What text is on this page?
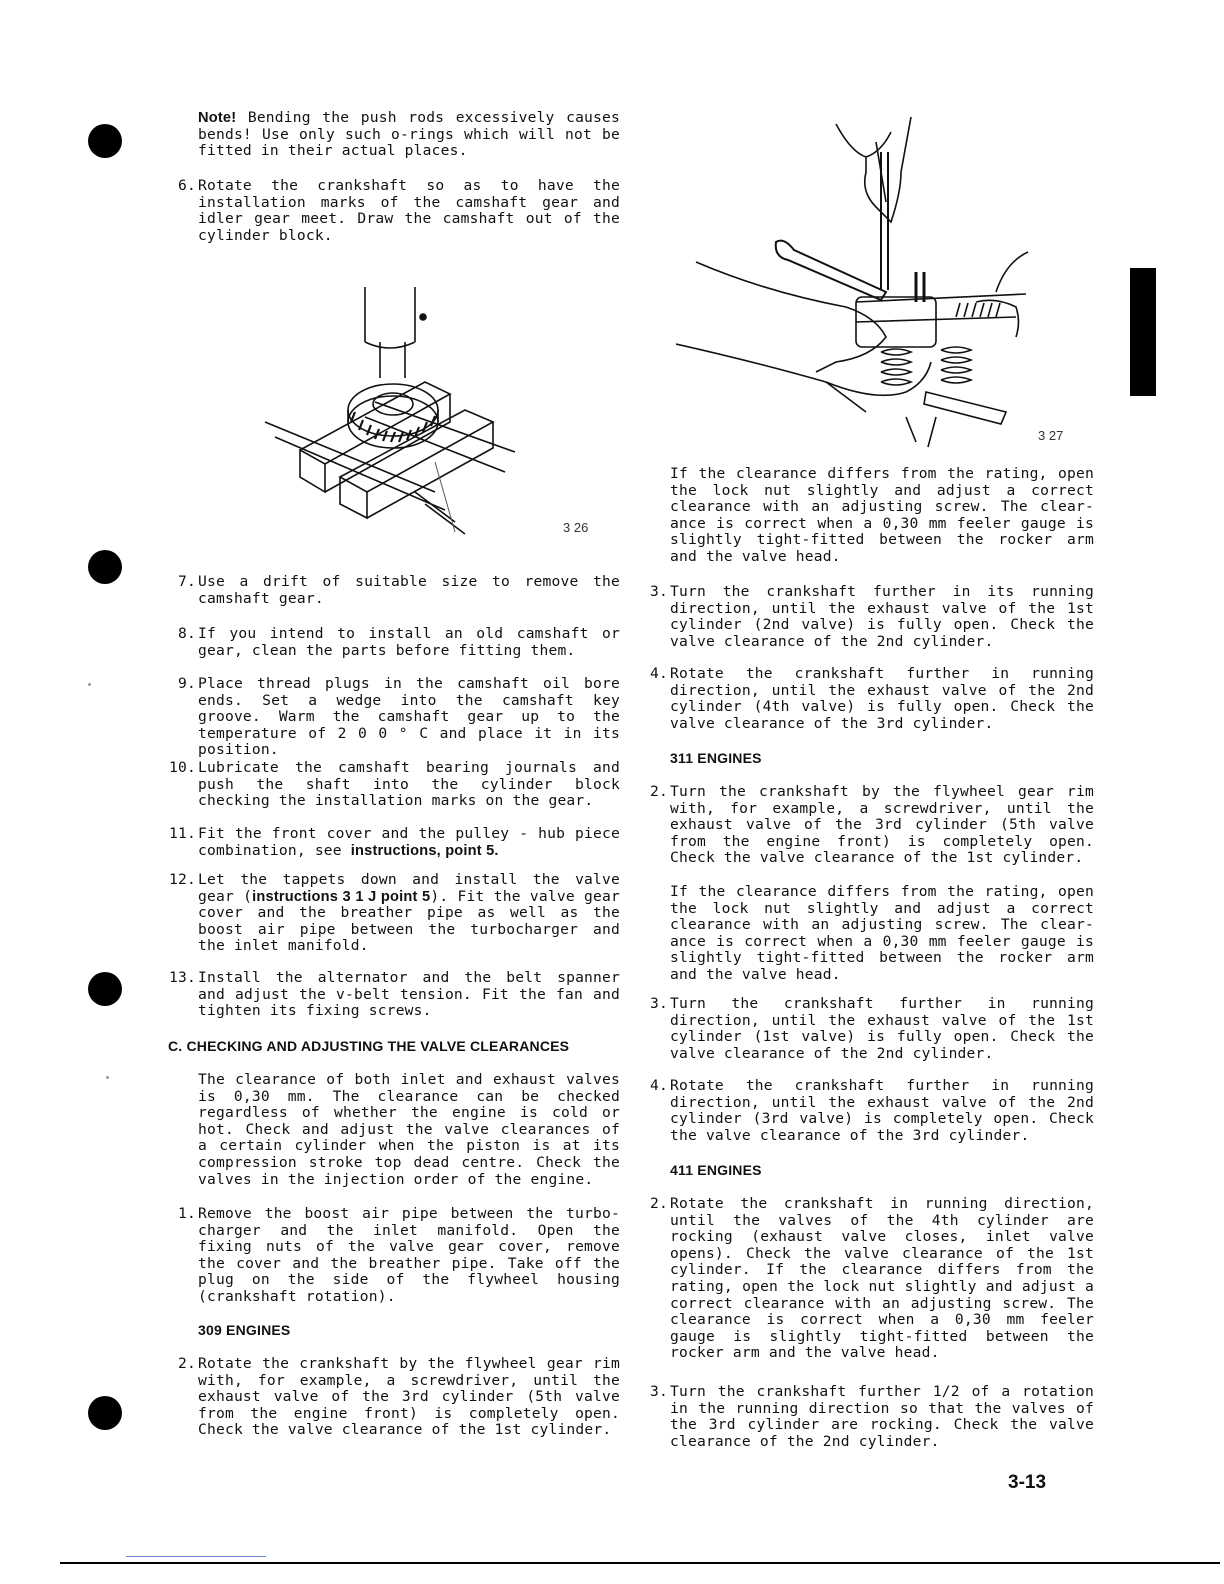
Note! Bending the push rods excessively causes bends! Use only such o-rings which will not be fitted in their actual places.
6. Rotate the crankshaft so as to have the installation marks of the camshaft gear and idler gear meet. Draw the camshaft out of the cylinder block.
7. Use a drift of suitable size to remove the camshaft gear.
8. If you intend to install an old camshaft or gear, clean the parts before fitting them.
9. Place thread plugs in the camshaft oil bore ends. Set a wedge into the camshaft key groove. Warm the camshaft gear up to the temperature of 2 0 0 ° C and place it in its position.
10. Lubricate the camshaft bearing journals and push the shaft into the cylinder block checking the installation marks on the gear.
11. Fit the front cover and the pulley - hub piece combination, see instructions, point 5.
12. Let the tappets down and install the valve gear (instructions 3 1 J point 5). Fit the valve gear cover and the breather pipe as well as the boost air pipe between the turbocharger and the inlet manifold.
13. Install the alternator and the belt spanner and adjust the v-belt tension. Fit the fan and tighten its fixing screws.
C. CHECKING AND ADJUSTING THE VALVE CLEARANCES
The clearance of both inlet and exhaust valves is 0,30 mm. The clearance can be checked regardless of whether the engine is cold or hot. Check and adjust the valve clearances of a certain cylinder when the piston is at its compression stroke top dead centre. Check the valves in the injection order of the engine.
1. Remove the boost air pipe between the turbo-charger and the inlet manifold. Open the fixing nuts of the valve gear cover, remove the cover and the breather pipe. Take off the plug on the side of the flywheel housing (crankshaft rotation).
309 ENGINES
2. Rotate the crankshaft by the flywheel gear rim with, for example, a screwdriver, until the exhaust valve of the 3rd cylinder (5th valve from the engine front) is completely open. Check the valve clearance of the 1st cylinder.
3 26
3 27
If the clearance differs from the rating, open the lock nut slightly and adjust a correct clearance with an adjusting screw. The clear-ance is correct when a 0,30 mm feeler gauge is slightly tight-fitted between the rocker arm and the valve head.
3. Turn the crankshaft further in its running direction, until the exhaust valve of the 1st cylinder (2nd valve) is fully open. Check the valve clearance of the 2nd cylinder.
4. Rotate the crankshaft further in running direction, until the exhaust valve of the 2nd cylinder (4th valve) is fully open. Check the valve clearance of the 3rd cylinder.
311 ENGINES
2. Turn the crankshaft by the flywheel gear rim with, for example, a screwdriver, until the exhaust valve of the 3rd cylinder (5th valve from the engine front) is completely open. Check the valve clearance of the 1st cylinder.
If the clearance differs from the rating, open the lock nut slightly and adjust a correct clearance with an adjusting screw. The clear-ance is correct when a 0,30 mm feeler gauge is slightly tight-fitted between the rocker arm and the valve head.
3. Turn the crankshaft further in running direction, until the exhaust valve of the 1st cylinder (1st valve) is fully open. Check the valve clearance of the 2nd cylinder.
4. Rotate the crankshaft further in running direction, until the exhaust valve of the 2nd cylinder (3rd valve) is completely open. Check the valve clearance of the 3rd cylinder.
411 ENGINES
2. Rotate the crankshaft in running direction, until the valves of the 4th cylinder are rocking (exhaust valve closes, inlet valve opens). Check the valve clearance of the 1st cylinder. If the clearance differs from the rating, open the lock nut slightly and adjust a correct clearance with an adjusting screw. The clearance is correct when a 0,30 mm feeler gauge is slightly tight-fitted between the rocker arm and the valve head.
3. Turn the crankshaft further 1/2 of a rotation in the running direction so that the valves of the 3rd cylinder are rocking. Check the valve clearance of the 2nd cylinder.
3-13
